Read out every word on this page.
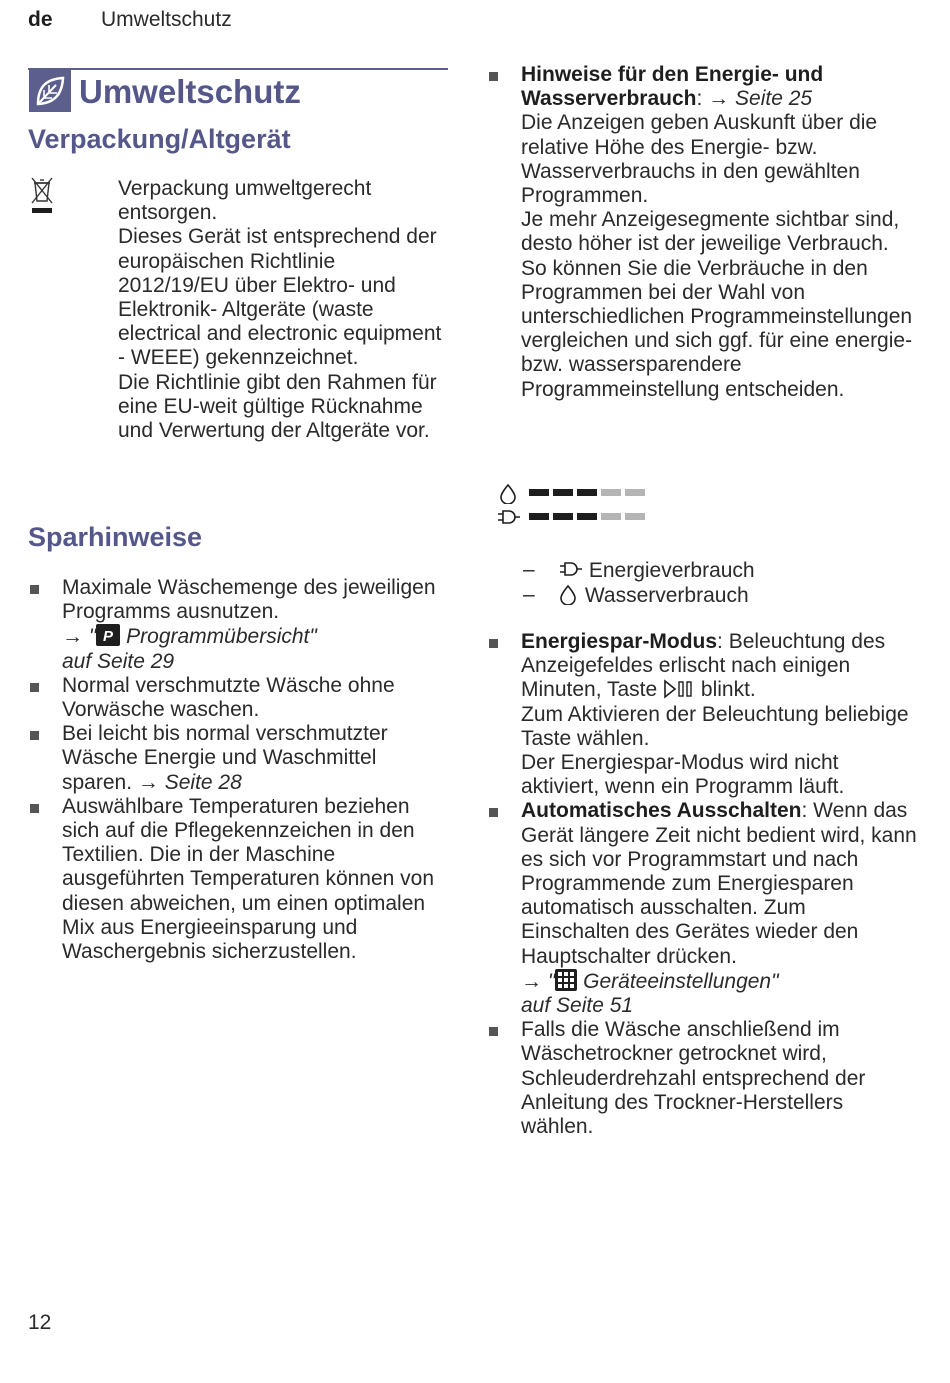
de Umweltschutz
Umweltschutz
Verpackung/Altgerät
Verpackung umweltgerecht entsorgen.
Dieses Gerät ist entsprechend der europäischen Richtlinie 2012/19/EU über Elektro- und Elektronik- Altgeräte (waste electrical and electronic equipment - WEEE) gekennzeichnet.
Die Richtlinie gibt den Rahmen für eine EU-weit gültige Rücknahme und Verwertung der Altgeräte vor.
Sparhinweise
Maximale Wäschemenge des jeweiligen Programms ausnutzen.
→ " P Programmübersicht"
auf Seite 29
Normal verschmutzte Wäsche ohne Vorwäsche waschen.
Bei leicht bis normal verschmutzter Wäsche Energie und Waschmittel sparen. → Seite 28
Auswählbare Temperaturen beziehen sich auf die Pflegekennzeichen in den Textilien. Die in der Maschine ausgeführten Temperaturen können von diesen abweichen, um einen optimalen Mix aus Energieeinsparung und Waschergebnis sicherzustellen.
Hinweise für den Energie- und Wasserverbrauch: → Seite 25
Die Anzeigen geben Auskunft über die relative Höhe des Energie- bzw. Wasserverbrauchs in den gewählten Programmen.
Je mehr Anzeigesegmente sichtbar sind, desto höher ist der jeweilige Verbrauch.
So können Sie die Verbräuche in den Programmen bei der Wahl von unterschiedlichen Programmeinstellungen vergleichen und sich ggf. für eine energie- bzw. wassersparendere Programmeinstellung entscheiden.
– Energieverbrauch
– Wasserverbrauch
Energiespar-Modus: Beleuchtung des Anzeigefeldes erlischt nach einigen Minuten, Taste blinkt.
Zum Aktivieren der Beleuchtung beliebige Taste wählen.
Der Energiespar-Modus wird nicht aktiviert, wenn ein Programm läuft.
Automatisches Ausschalten: Wenn das Gerät längere Zeit nicht bedient wird, kann es sich vor Programmstart und nach Programmende zum Energiesparen automatisch ausschalten. Zum Einschalten des Gerätes wieder den Hauptschalter drücken.
→ " Geräteeinstellungen"
auf Seite 51
Falls die Wäsche anschließend im Wäschetrockner getrocknet wird, Schleuderdrehzahl entsprechend der Anleitung des Trockner-Herstellers wählen.
12
